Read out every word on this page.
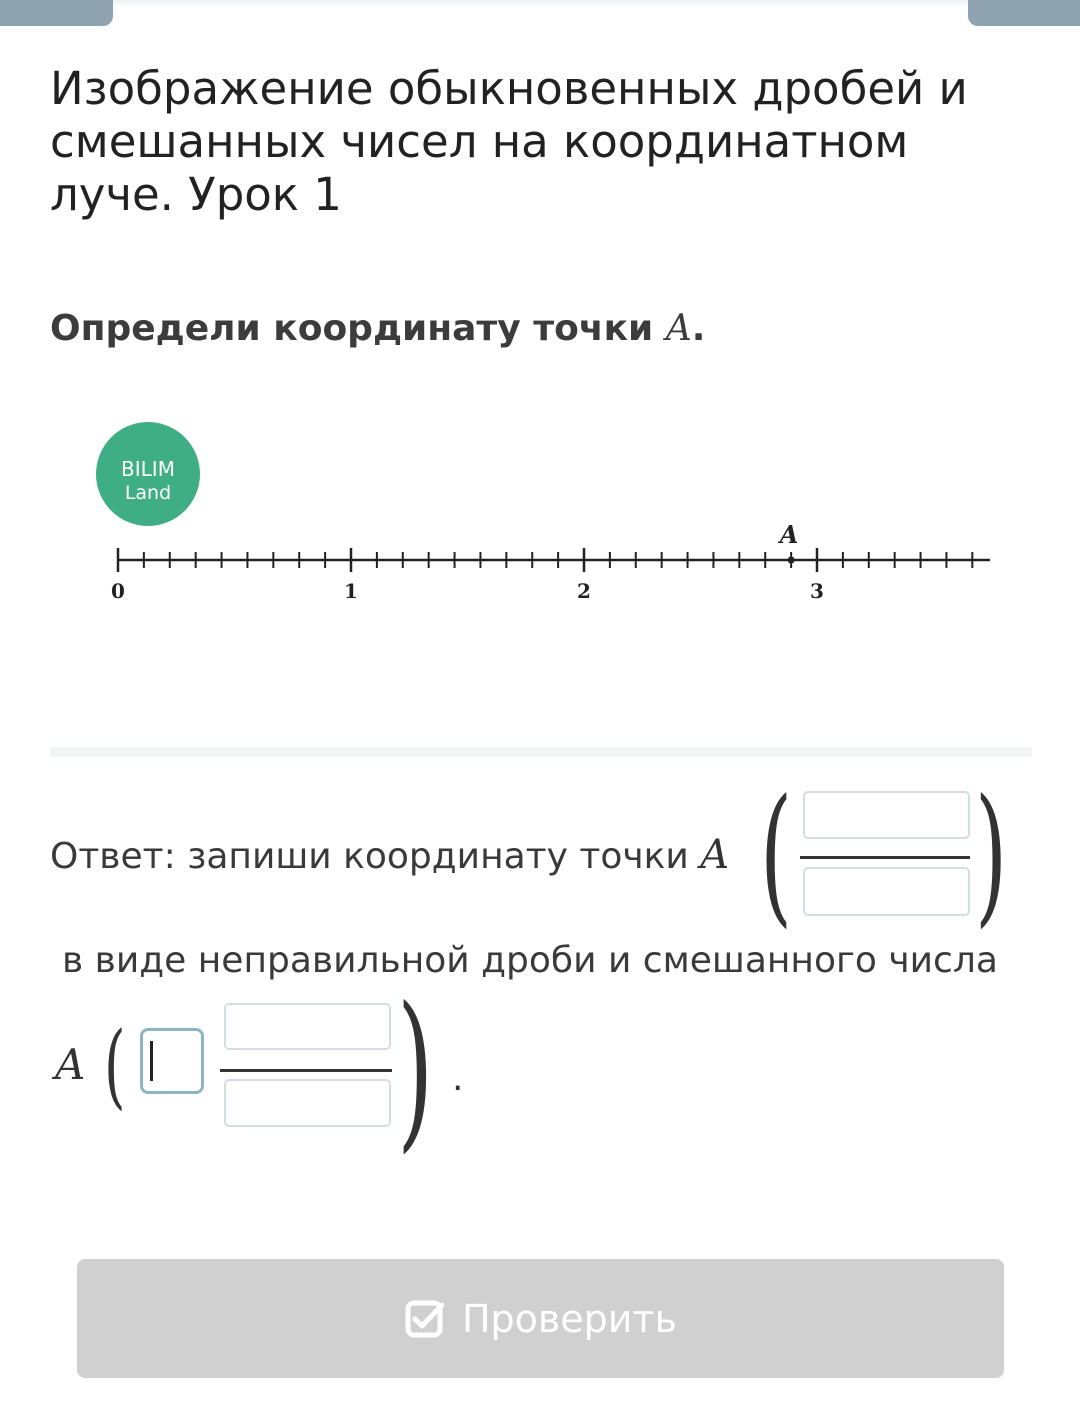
Изображение обыкновенных дробей и смешанных чисел на координатном луче. Урок 1
Определи координату точки A.
BILIM
Land
0	1	2	3
A
Ответ: запиши координату точки A ( )
в виде неправильной дроби и смешанного числа
A ( ) .
Проверить
